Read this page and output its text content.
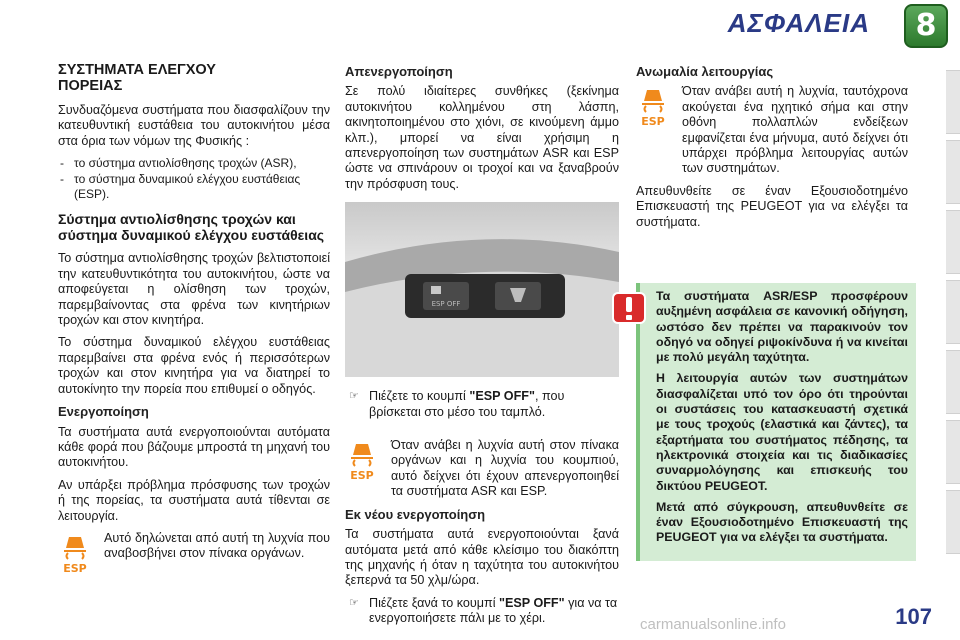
ΑΣΦΑΛΕΙΑ	8
ΣΥΣΤΗΜΑΤΑ ΕΛΕΓΧΟΥ ΠΟΡΕΙΑΣ

Συνδυαζόμενα συστήματα που διασφαλίζουν την κατευθυντική ευστάθεια του αυτοκινήτου μέσα στα όρια των νόμων της Φυσικής :

- το σύστημα αντιολίσθησης τροχών (ASR),
- το σύστημα δυναμικού ελέγχου ευστάθειας (ESP).
Σύστημα αντιολίσθησης τροχών και σύστημα δυναμικού ελέγχου ευστάθειας

Το σύστημα αντιολίσθησης τροχών βελτιστοποιεί την κατευθυντικότητα του αυτοκινήτου, ώστε να αποφεύγεται η ολίσθηση των τροχών, παρεμβαίνοντας στα φρένα των κινητήριων τροχών και στον κινητήρα.

Το σύστημα δυναμικού ελέγχου ευστάθειας παρεμβαίνει στα φρένα ενός ή περισσότερων τροχών και στον κινητήρα για να διατηρεί το αυτοκίνητο την πορεία που επιθυμεί ο οδηγός.

Ενεργοποίηση

Τα συστήματα αυτά ενεργοποιούνται αυτόματα κάθε φορά που βάζουμε μπροστά τη μηχανή του αυτοκινήτου.

Αν υπάρξει πρόβλημα πρόσφυσης των τροχών ή της πορείας, τα συστήματα αυτά τίθενται σε λειτουργία.

ESP

Αυτό δηλώνεται από αυτή τη λυχνία που αναβοσβήνει στον πίνακα οργάνων.

Απενεργοποίηση

Σε πολύ ιδιαίτερες συνθήκες (ξεκίνημα αυτοκινήτου κολλημένου στη λάσπη, ακινητοποιημένου στο χιόνι, σε κινούμενη άμμο κλπ.), μπορεί να είναι χρήσιμη η απενεργοποίηση των συστημάτων ASR και ESP ώστε να σπινάρουν οι τροχοί και να ξαναβρούν την πρόσφυση τους.

ESP OFF
☞ Πιέζετε το κουμπί "ESP OFF", που βρίσκεται στο μέσο του ταμπλό.
ESP

Όταν ανάβει η λυχνία αυτή στον πίνακα οργάνων και η λυχνία του κουμπιού, αυτό δείχνει ότι έχουν απενεργοποιηθεί τα συστήματα ASR και ESP.

Εκ νέου ενεργοποίηση

Τα συστήματα αυτά ενεργοποιούνται ξανά αυτόματα μετά από κάθε κλείσιμο του διακόπτη της μηχανής ή όταν η ταχύτητα του αυτοκινήτου ξεπερνά τα 50 χλμ/ώρα.

☞ Πιέζετε ξανά το κουμπί "ESP OFF" για να τα ενεργοποιήσετε πάλι με το χέρι.
Ανωμαλία λειτουργίας
ESP

Όταν ανάβει αυτή η λυχνία, ταυτόχρονα ακούγεται ένα ηχητικό σήμα και στην οθόνη πολλαπλών ενδείξεων εμφανίζεται ένα μήνυμα, αυτό δείχνει ότι υπάρχει πρόβλημα λειτουργίας αυτών των συστημάτων.

Απευθυνθείτε σε έναν Εξουσιοδοτημένο Επισκευαστή της PEUGEOT για να ελέγξει τα συστήματα.

Τα συστήματα ASR/ESP προσφέρουν αυξημένη ασφάλεια σε κανονική οδήγηση, ωστόσο δεν πρέπει να παρακινούν τον οδηγό να οδηγεί ριψοκίνδυνα ή να κινείται με πολύ μεγάλη ταχύτητα.

Η λειτουργία αυτών των συστημάτων διασφαλίζεται υπό τον όρο ότι τηρούνται οι συστάσεις του κατασκευαστή σχετικά με τους τροχούς (ελαστικά και ζάντες), τα εξαρτήματα του συστήματος πέδησης, τα ηλεκτρονικά στοιχεία και τις διαδικασίες συναρμολόγησης και επισκευής του δικτύου PEUGEOT.

Μετά από σύγκρουση, απευθυνθείτε σε έναν Εξουσιοδοτημένο Επισκευαστή της PEUGEOT για να ελέγξει τα συστήματα.

107
carmanualsonline.info
